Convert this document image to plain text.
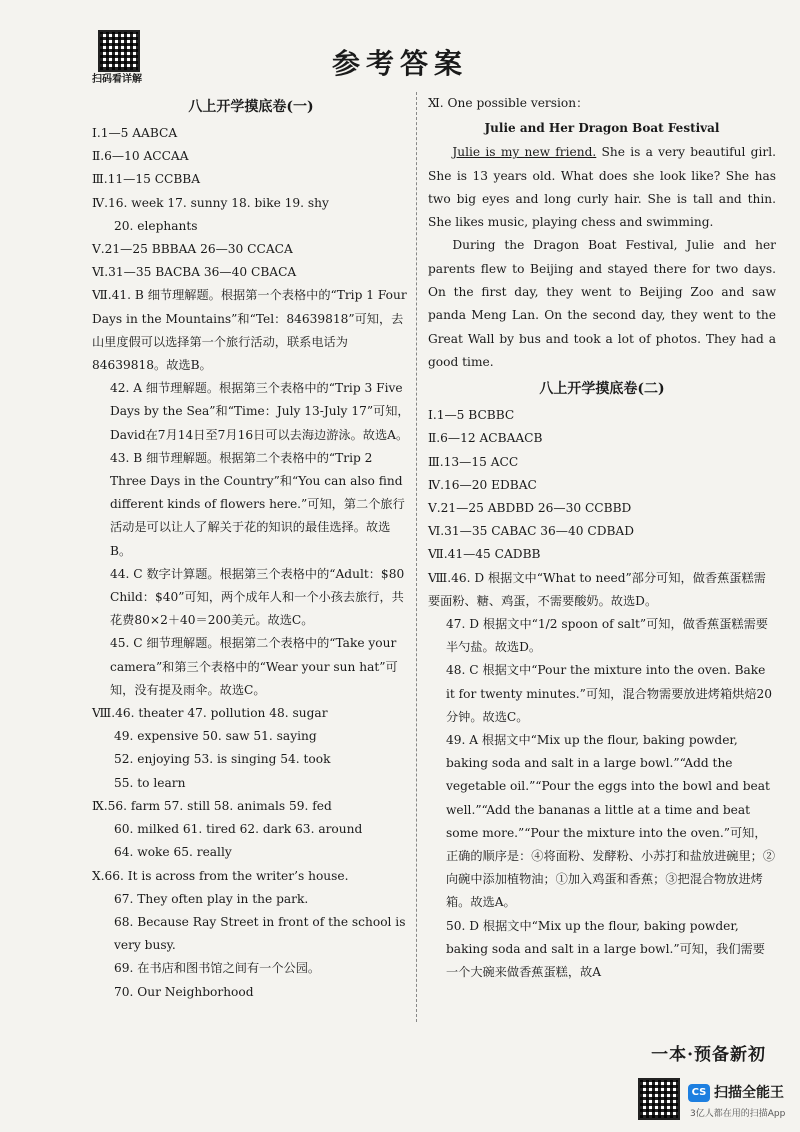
扫码看详解	参考答案
八上开学摸底卷(一)
Ⅰ.1—5 AABCA
Ⅱ.6—10 ACCAA
Ⅲ.11—15 CCBBA
Ⅳ.16. week 17. sunny 18. bike 19. shy
20. elephants
Ⅴ.21—25 BBBAA 26—30 CCACA
Ⅵ.31—35 BACBA 36—40 CBACA
Ⅶ.41. B 细节理解题。根据第一个表格中的“Trip 1 Four Days in the Mountains”和“Tel：84639818”可知，去山里度假可以选择第一个旅行活动，联系电话为84639818。故选B。
42. A 细节理解题。根据第三个表格中的“Trip 3 Five Days by the Sea”和“Time：July 13-July 17”可知，David在7月14日至7月16日可以去海边游泳。故选A。
43. B 细节理解题。根据第二个表格中的“Trip 2 Three Days in the Country”和“You can also find different kinds of flowers here.”可知，第二个旅行活动是可以让人了解关于花的知识的最佳选择。故选B。
44. C 数字计算题。根据第三个表格中的“Adult：$80 Child：$40”可知，两个成年人和一个小孩去旅行，共花费80×2＋40＝200美元。故选C。
45. C 细节理解题。根据第二个表格中的“Take your camera”和第三个表格中的“Wear your sun hat”可知，没有提及雨伞。故选C。
Ⅷ.46. theater 47. pollution 48. sugar
49. expensive 50. saw 51. saying
52. enjoying 53. is singing 54. took
55. to learn
Ⅸ.56. farm 57. still 58. animals 59. fed
60. milked 61. tired 62. dark 63. around
64. woke 65. really
Ⅹ.66. It is across from the writer’s house.
67. They often play in the park.
68. Because Ray Street in front of the school is very busy.
69. 在书店和图书馆之间有一个公园。
70. Our Neighborhood
Ⅺ. One possible version：
Julie and Her Dragon Boat Festival
Julie is my new friend. She is a very beautiful girl. She is 13 years old. What does she look like? She has two big eyes and long curly hair. She is tall and thin. She likes music, playing chess and swimming.
During the Dragon Boat Festival, Julie and her parents flew to Beijing and stayed there for two days. On the first day, they went to Beijing Zoo and saw panda Meng Lan. On the second day, they went to the Great Wall by bus and took a lot of photos. They had a good time.
八上开学摸底卷(二)
Ⅰ.1—5 BCBBC
Ⅱ.6—12 ACBAACB
Ⅲ.13—15 ACC
Ⅳ.16—20 EDBAC
Ⅴ.21—25 ABDBD 26—30 CCBBD
Ⅵ.31—35 CABAC 36—40 CDBAD
Ⅶ.41—45 CADBB
Ⅷ.46. D 根据文中“What to need”部分可知，做香蕉蛋糕需要面粉、糖、鸡蛋，不需要酸奶。故选D。
47. D 根据文中“1/2 spoon of salt”可知，做香蕉蛋糕需要半勺盐。故选D。
48. C 根据文中“Pour the mixture into the oven. Bake it for twenty minutes.”可知，混合物需要放进烤箱烘焙20分钟。故选C。
49. A 根据文中“Mix up the flour, baking powder, baking soda and salt in a large bowl.”“Add the vegetable oil.”“Pour the eggs into the bowl and beat well.”“Add the bananas a little at a time and beat some more.”“Pour the mixture into the oven.”可知，正确的顺序是：④将面粉、发酵粉、小苏打和盐放进碗里；②向碗中添加植物油；①加入鸡蛋和香蕉；③把混合物放进烤箱。故选A。
50. D 根据文中“Mix up the flour, baking powder, baking soda and salt in a large bowl.”可知，我们需要一个大碗来做香蕉蛋糕，故A
一本·预备新初
CS 扫描全能王
3亿人都在用的扫描App
